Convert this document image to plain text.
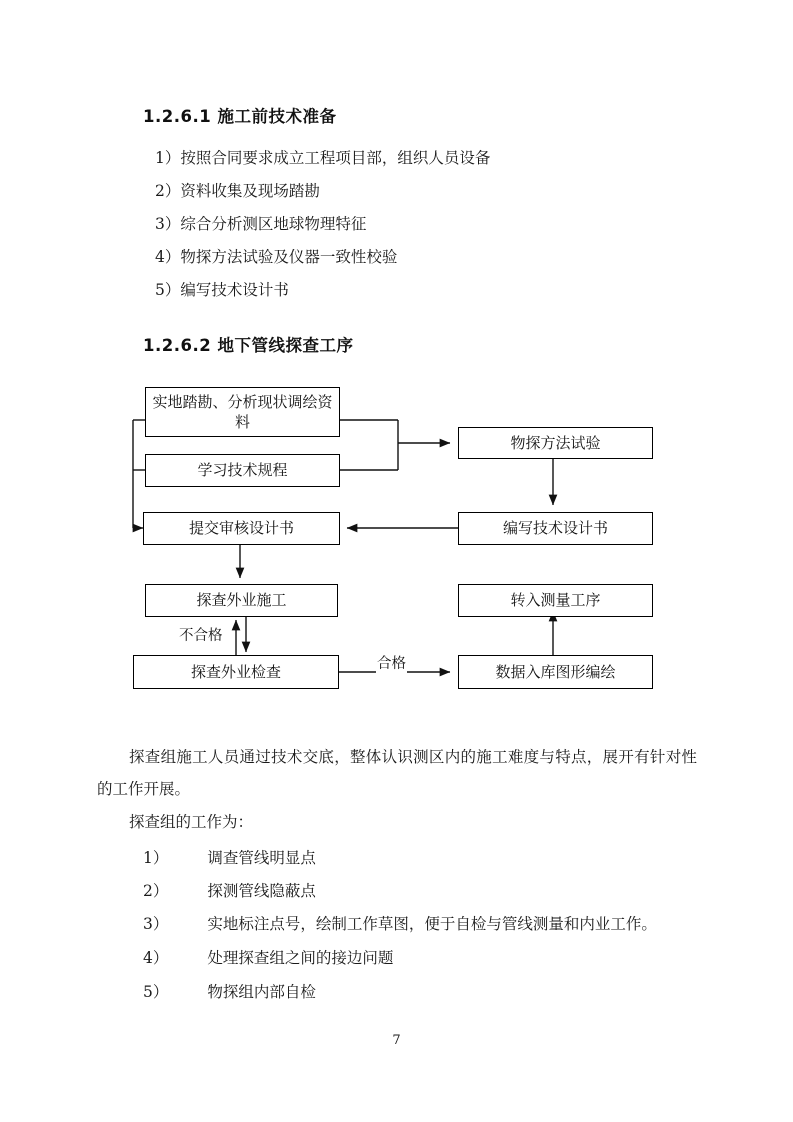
1.2.6.1 施工前技术准备
1）按照合同要求成立工程项目部，组织人员设备
2）资料收集及现场踏勘
3）综合分析测区地球物理特征
4）物探方法试验及仪器一致性校验
5）编写技术设计书
1.2.6.2 地下管线探查工序
实地踏勘、分析现状调绘资料
学习技术规程
物探方法试验
提交审核设计书	编写技术设计书
探查外业施工	转入测量工序
探查外业检查	数据入库图形编绘
不合格
合格
探查组施工人员通过技术交底，整体认识测区内的施工难度与特点，展开有针对性的工作开展。
探查组的工作为：
1）	调查管线明显点
2）	探测管线隐蔽点
3）	实地标注点号，绘制工作草图，便于自检与管线测量和内业工作。
4）	处理探查组之间的接边问题
5）	物探组内部自检
7
